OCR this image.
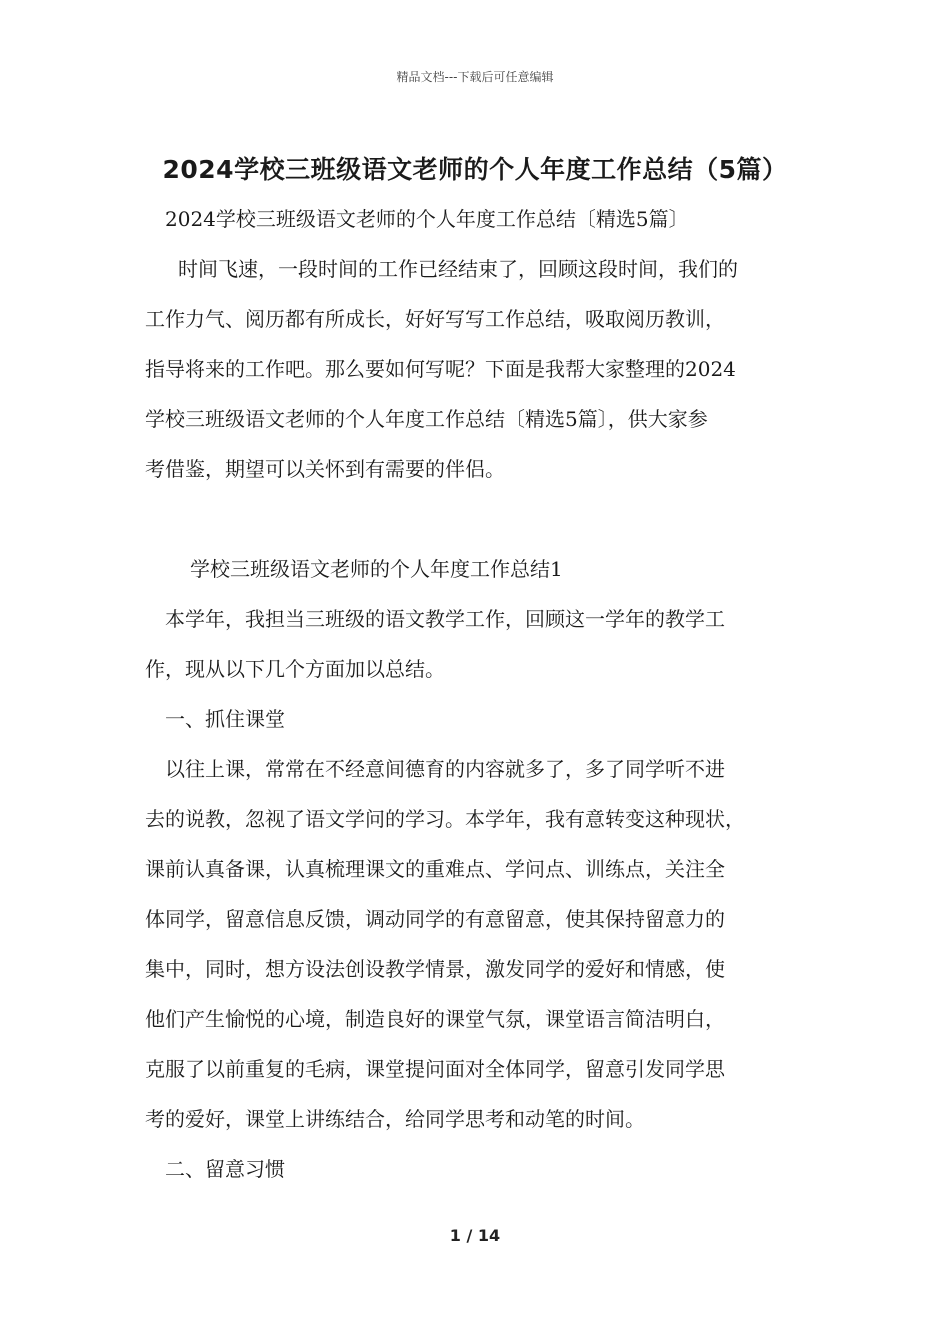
精品文档---下载后可任意编辑
2024学校三班级语文老师的个人年度工作总结（5篇）

2024学校三班级语文老师的个人年度工作总结〔精选5篇〕

时间飞速，一段时间的工作已经结束了，回顾这段时间，我们的

工作力气、阅历都有所成长，好好写写工作总结，吸取阅历教训，

指导将来的工作吧。那么要如何写呢？下面是我帮大家整理的2024

学校三班级语文老师的个人年度工作总结〔精选5篇〕，供大家参

考借鉴，期望可以关怀到有需要的伴侣。

学校三班级语文老师的个人年度工作总结1

本学年，我担当三班级的语文教学工作，回顾这一学年的教学工

作，现从以下几个方面加以总结。

一、抓住课堂

以往上课，常常在不经意间德育的内容就多了，多了同学听不进

去的说教，忽视了语文学问的学习。本学年，我有意转变这种现状，

课前认真备课，认真梳理课文的重难点、学问点、训练点，关注全

体同学，留意信息反馈，调动同学的有意留意，使其保持留意力的

集中，同时，想方设法创设教学情景，激发同学的爱好和情感，使

他们产生愉悦的心境，制造良好的课堂气氛，课堂语言简洁明白，

克服了以前重复的毛病，课堂提问面对全体同学，留意引发同学思

考的爱好，课堂上讲练结合，给同学思考和动笔的时间。

二、留意习惯

1 / 14
